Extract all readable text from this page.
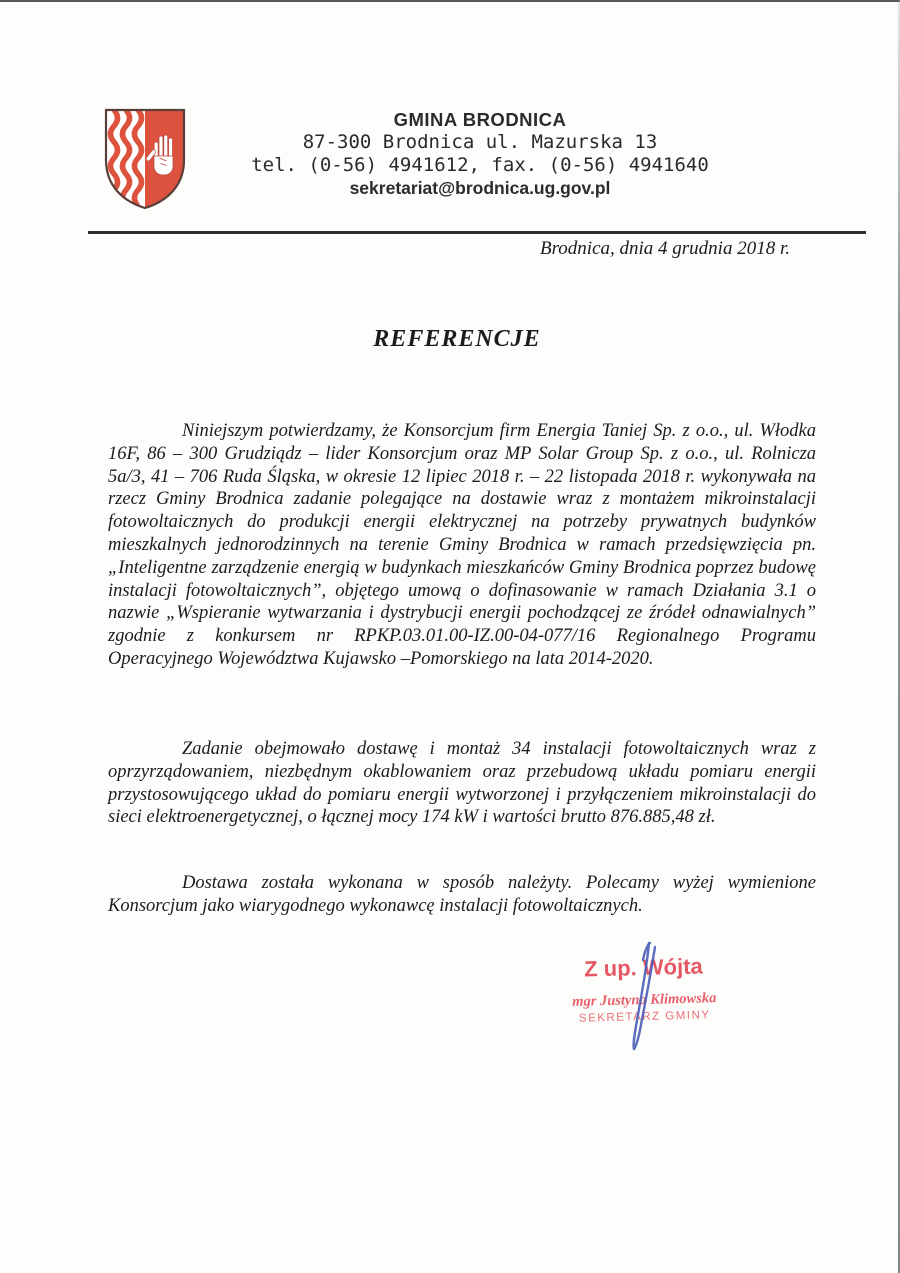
GMINA BRODNICA
87-300 Brodnica ul. Mazurska 13
tel. (0-56) 4941612, fax. (0-56) 4941640
sekretariat@brodnica.ug.gov.pl
Brodnica, dnia 4 grudnia 2018 r.
REFERENCJE
Niniejszym potwierdzamy, że Konsorcjum firm Energia Taniej Sp. z o.o., ul. Włodka 16F, 86 – 300 Grudziądz – lider Konsorcjum oraz MP Solar Group Sp. z o.o., ul. Rolnicza 5a/3, 41 – 706 Ruda Śląska, w okresie 12 lipiec 2018 r. – 22 listopada 2018 r. wykonywała na rzecz Gminy Brodnica zadanie polegające na dostawie wraz z montażem mikroinstalacji fotowoltaicznych do produkcji energii elektrycznej na potrzeby prywatnych budynków mieszkalnych jednorodzinnych na terenie Gminy Brodnica w ramach przedsięwzięcia pn. „Inteligentne zarządzenie energią w budynkach mieszkańców Gminy Brodnica poprzez budowę instalacji fotowoltaicznych”, objętego umową o dofinasowanie w ramach Działania 3.1 o nazwie „Wspieranie wytwarzania i dystrybucji energii pochodzącej ze źródeł odnawialnych” zgodnie z konkursem nr RPKP.03.01.00-IZ.00-04-077/16 Regionalnego Programu Operacyjnego Województwa Kujawsko –Pomorskiego na lata 2014-2020.
Zadanie obejmowało dostawę i montaż 34 instalacji fotowoltaicznych wraz z oprzyrządowaniem, niezbędnym okablowaniem oraz przebudową układu pomiaru energii przystosowującego układ do pomiaru energii wytworzonej i przyłączeniem mikroinstalacji do sieci elektroenergetycznej, o łącznej mocy 174 kW i wartości brutto 876.885,48 zł.
Dostawa została wykonana w sposób należyty. Polecamy wyżej wymienione Konsorcjum jako wiarygodnego wykonawcę instalacji fotowoltaicznych.
Z up. Wójta
mgr Justyna Klimowska
SEKRETARZ GMINY
